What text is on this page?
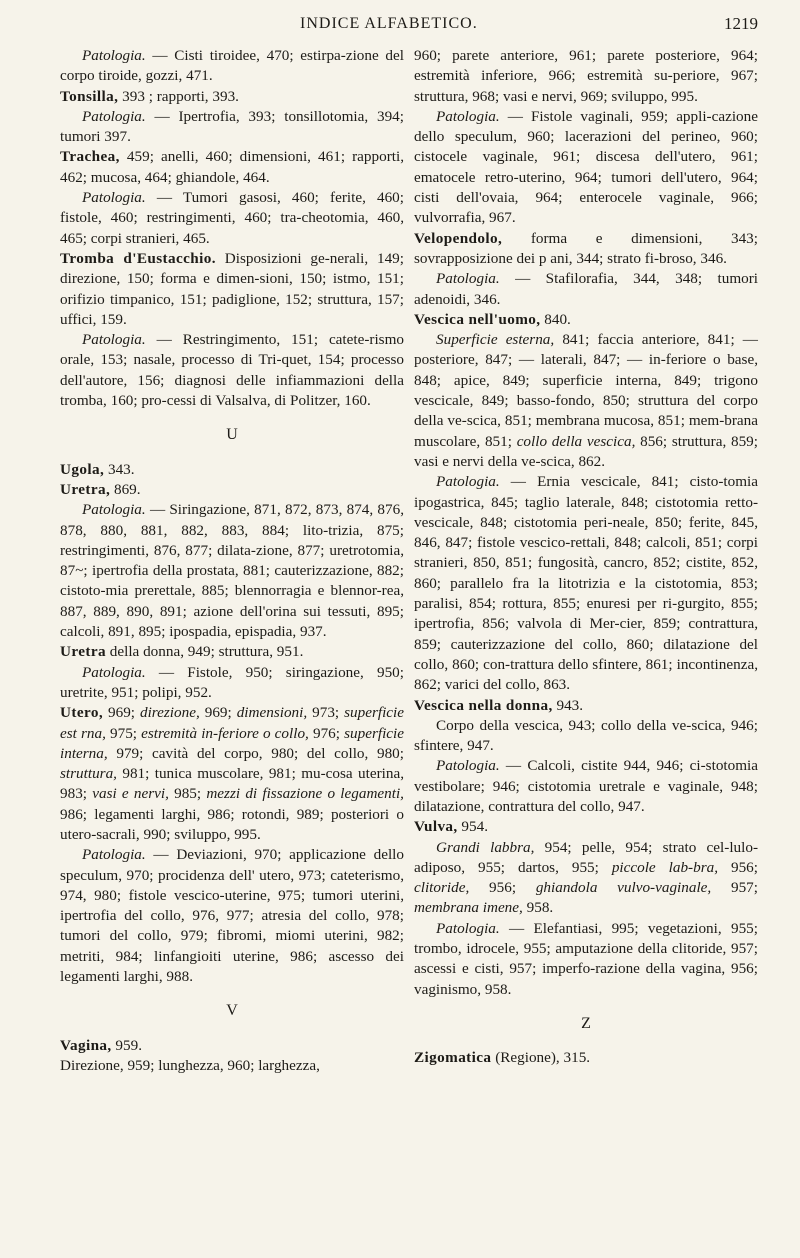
INDICE ALFABETICO.	1219

Patologia. — Cisti tiroidee, 470; estirpa-zione del corpo tiroide, gozzi, 471.

Tonsilla, 393 ; rapporti, 393.

Patologia. — Ipertrofia, 393; tonsillotomia, 394; tumori 397.

Trachea, 459; anelli, 460; dimensioni, 461; rapporti, 462; mucosa, 464; ghiandole, 464.

Patologia. — Tumori gasosi, 460; ferite, 460; fistole, 460; restringimenti, 460; tra-cheotomia, 460, 465; corpi stranieri, 465.

Tromba d'Eustacchio. Disposizioni ge-nerali, 149; direzione, 150; forma e dimen-sioni, 150; istmo, 151; orifizio timpanico, 151; padiglione, 152; struttura, 157; uffici, 159.

Patologia. — Restringimento, 151; catete-rismo orale, 153; nasale, processo di Tri-quet, 154; processo dell'autore, 156; diagnosi delle infiammazioni della tromba, 160; pro-cessi di Valsalva, di Politzer, 160.

U

Ugola, 343.

Uretra, 869.

Patologia. — Siringazione, 871, 872, 873, 874, 876, 878, 880, 881, 882, 883, 884; lito-trizia, 875; restringimenti, 876, 877; dilata-zione, 877; uretrotomia, 87~; ipertrofia della prostata, 881; cauterizzazione, 882; cistoto-mia prerettale, 885; blennorragia e blennor-rea, 887, 889, 890, 891; azione dell'orina sui tessuti, 895; calcoli, 891, 895; ipospadia, epispadia, 937.

Uretra della donna, 949; struttura, 951.

Patologia. — Fistole, 950; siringazione, 950; uretrite, 951; polipi, 952.

Utero, 969; direzione, 969; dimensioni, 973; superficie est rna, 975; estremità in-feriore o collo, 976; superficie interna, 979; cavità del corpo, 980; del collo, 980; struttura, 981; tunica muscolare, 981; mu-cosa uterina, 983; vasi e nervi, 985; mezzi di fissazione o legamenti, 986; legamenti larghi, 986; rotondi, 989; posteriori o utero-sacrali, 990; sviluppo, 995.

Patologia. — Deviazioni, 970; applicazione dello speculum, 970; procidenza dell' utero, 973; cateterismo, 974, 980; fistole vescico-uterine, 975; tumori uterini, ipertrofia del collo, 976, 977; atresia del collo, 978; tumori del collo, 979; fibromi, miomi uterini, 982; metriti, 984; linfangioiti uterine, 986; ascesso dei legamenti larghi, 988.

V

Vagina, 959.

Direzione, 959; lunghezza, 960; larghezza,

960; parete anteriore, 961; parete posteriore, 964; estremità inferiore, 966; estremità su-periore, 967; struttura, 968; vasi e nervi, 969; sviluppo, 995.

Patologia. — Fistole vaginali, 959; appli-cazione dello speculum, 960; lacerazioni del perineo, 960; cistocele vaginale, 961; discesa dell'utero, 961; ematocele retro-uterino, 964; tumori dell'utero, 964; cisti dell'ovaia, 964; enterocele vaginale, 966; vulvorrafia, 967.

Velopendolo, forma e dimensioni, 343; sovrapposizione dei p ani, 344; strato fi-broso, 346.

Patologia. — Stafilorafia, 344, 348; tumori adenoidi, 346.

Vescica nell'uomo, 840.

Superficie esterna, 841; faccia anteriore, 841; — posteriore, 847; — laterali, 847; — in-feriore o base, 848; apice, 849; superficie interna, 849; trigono vescicale, 849; basso-fondo, 850; struttura del corpo della ve-scica, 851; membrana mucosa, 851; mem-brana muscolare, 851; collo della vescica, 856; struttura, 859; vasi e nervi della ve-scica, 862.

Patologia. — Ernia vescicale, 841; cisto-tomia ipogastrica, 845; taglio laterale, 848; cistotomia retto-vescicale, 848; cistotomia peri-neale, 850; ferite, 845, 846, 847; fistole vescico-rettali, 848; calcoli, 851; corpi stranieri, 850, 851; fungosità, cancro, 852; cistite, 852, 860; parallelo fra la litotrizia e la cistotomia, 853; paralisi, 854; rottura, 855; enuresi per ri-gurgito, 855; ipertrofia, 856; valvola di Mer-cier, 859; contrattura, 859; cauterizzazione del collo, 860; dilatazione del collo, 860; con-trattura dello sfintere, 861; incontinenza, 862; varici del collo, 863.

Vescica nella donna, 943.

Corpo della vescica, 943; collo della ve-scica, 946; sfintere, 947.

Patologia. — Calcoli, cistite 944, 946; ci-stotomia vestibolare; 946; cistotomia uretrale e vaginale, 948; dilatazione, contrattura del collo, 947.

Vulva, 954.

Grandi labbra, 954; pelle, 954; strato cel-lulo-adiposo, 955; dartos, 955; piccole lab-bra, 956; clitoride, 956; ghiandola vulvo-vaginale, 957; membrana imene, 958.

Patologia. — Elefantiasi, 995; vegetazioni, 955; trombo, idrocele, 955; amputazione della clitoride, 957; ascessi e cisti, 957; imperfo-razione della vagina, 956; vaginismo, 958.

Z

Zigomatica (Regione), 315.
